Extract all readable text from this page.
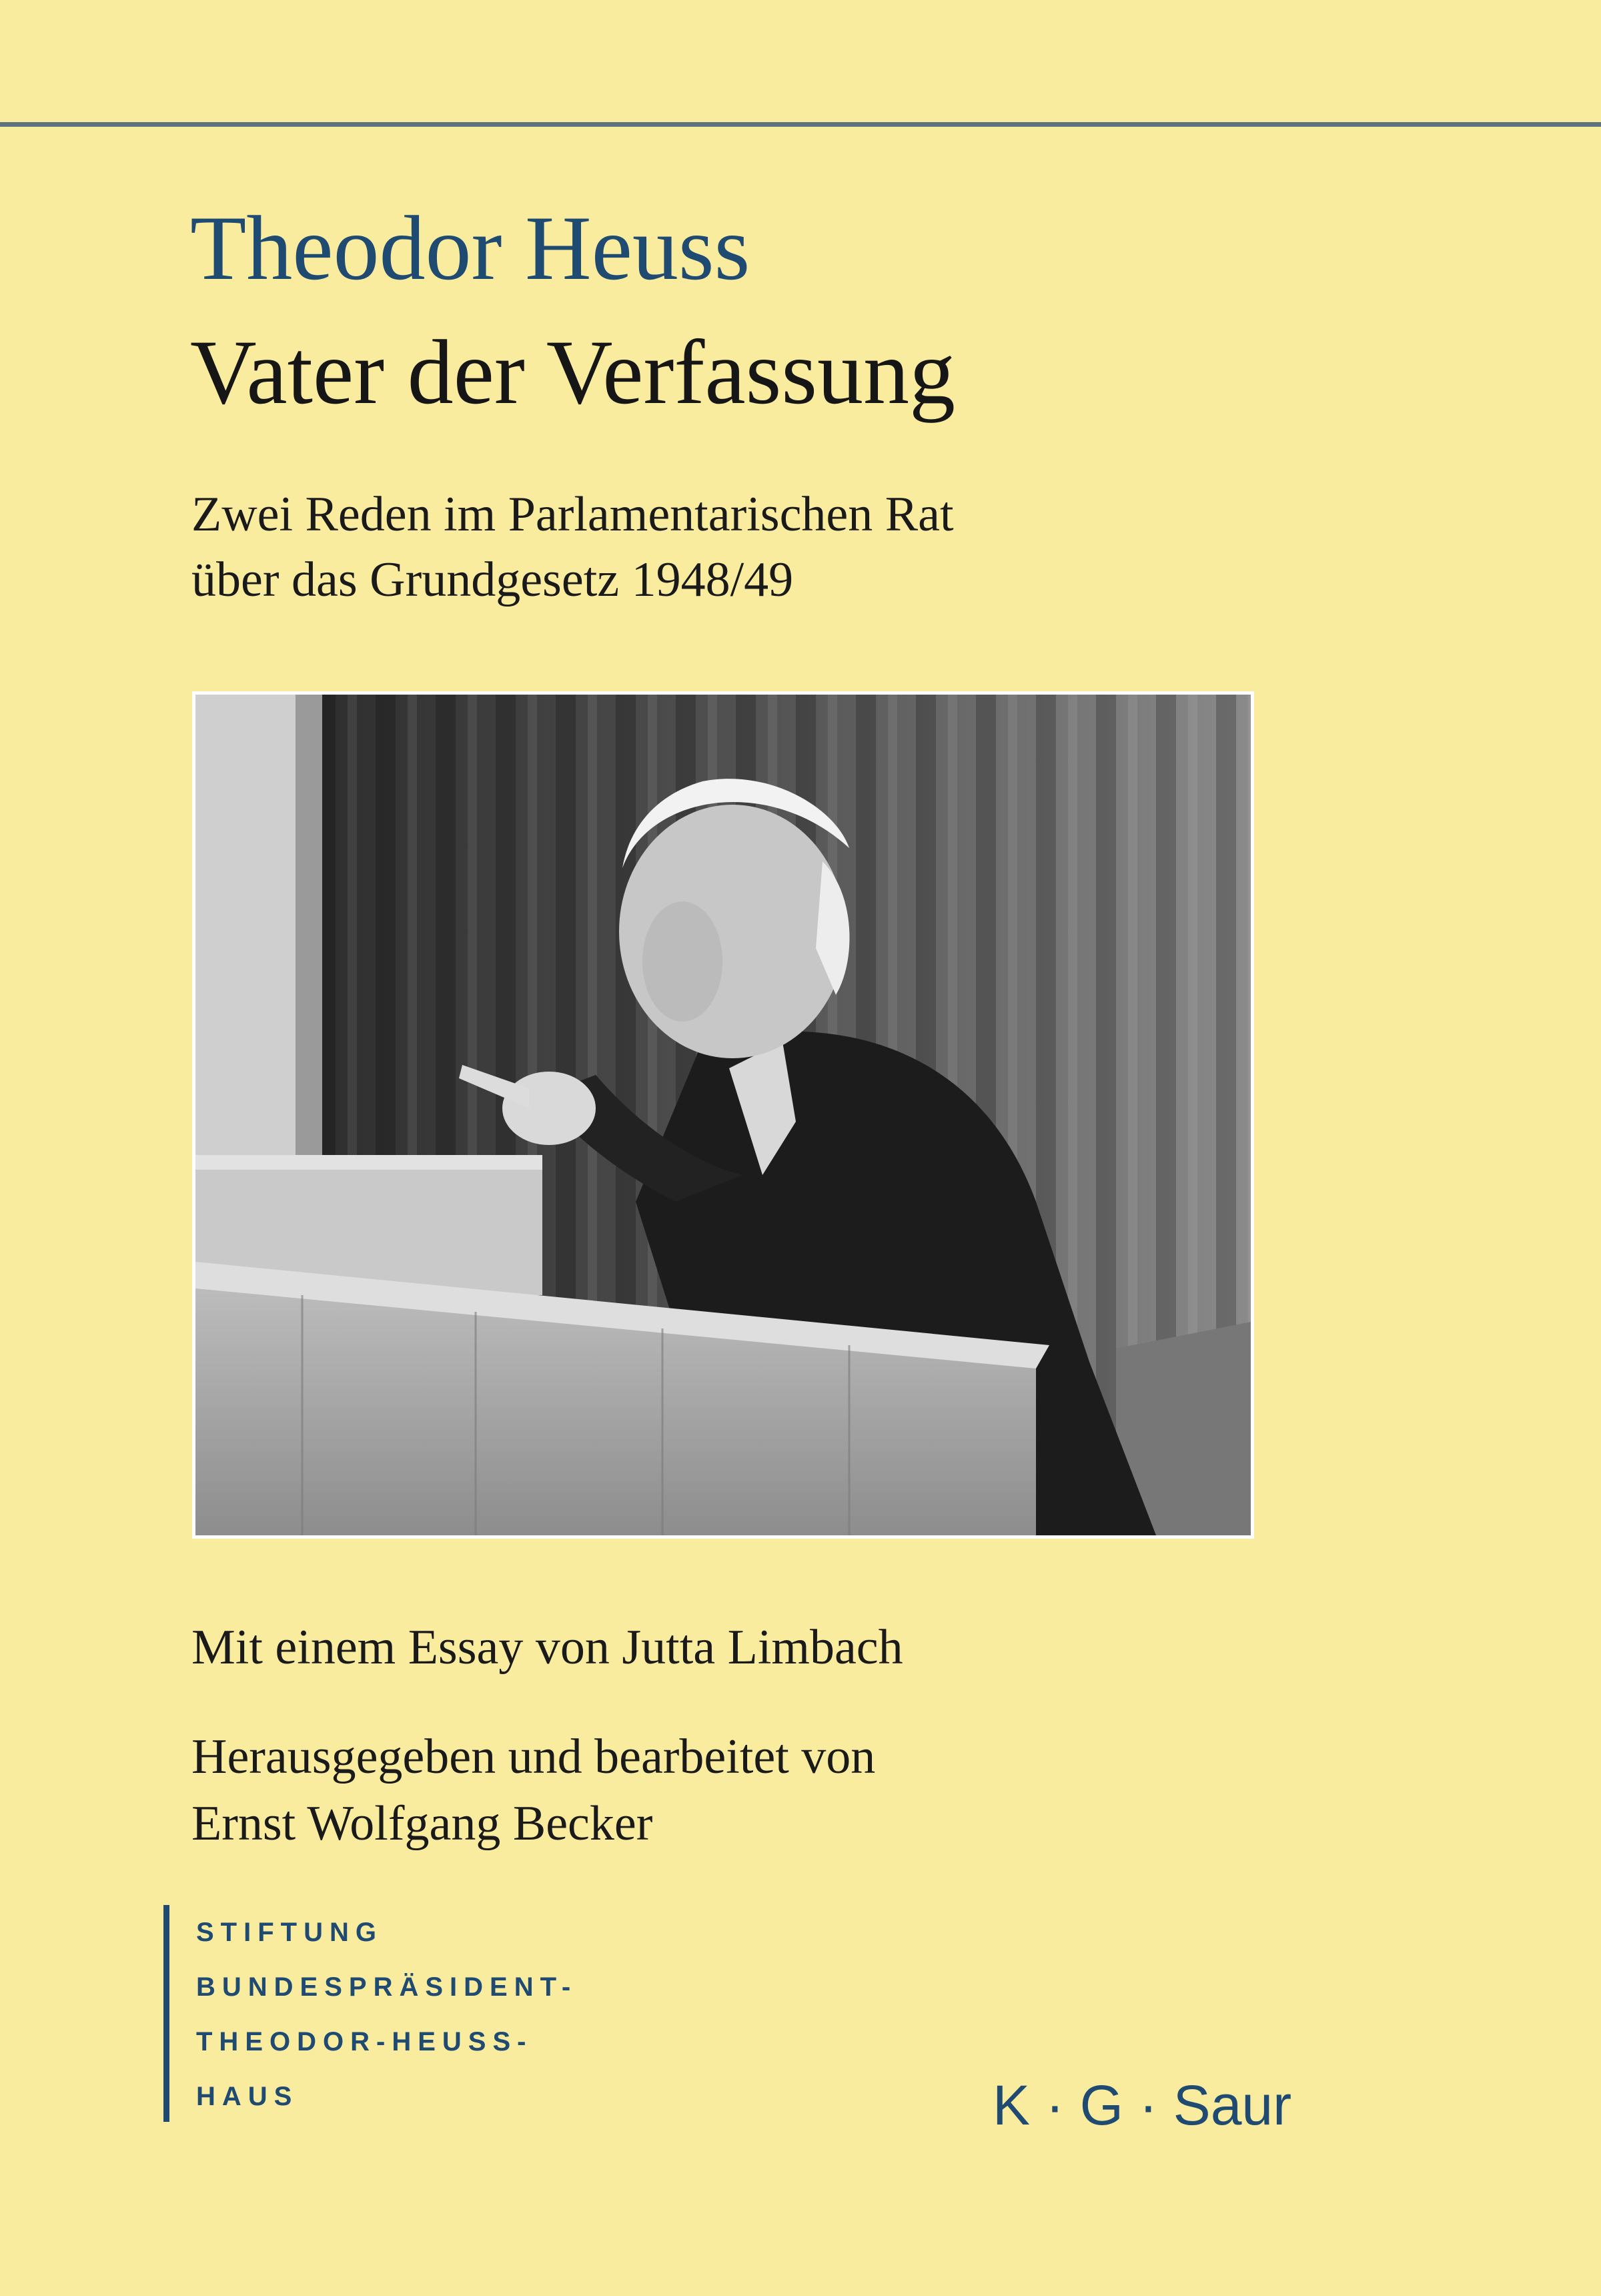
Theodor Heuss
Vater der Verfassung
Zwei Reden im Parlamentarischen Rat
über das Grundgesetz 1948/49
Mit einem Essay von Jutta Limbach
Herausgegeben und bearbeitet von
Ernst Wolfgang Becker
STIFTUNG
BUNDESPRÄSIDENT-
THEODOR-HEUSS-
HAUS	K · G · Saur
